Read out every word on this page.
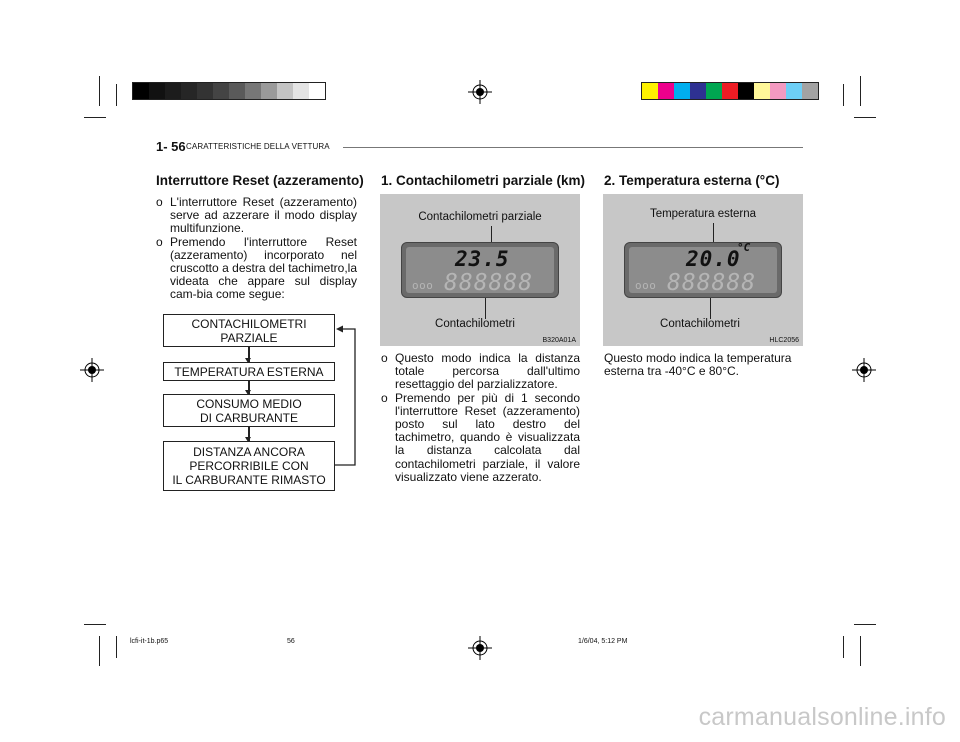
1- 56 CARATTERISTICHE DELLA VETTURA
Interruttore Reset (azzeramento)
o L'interruttore Reset (azzeramento) serve ad azzerare il modo display multifunzione.
o Premendo l'interruttore Reset (azzeramento) incorporato nel cruscotto a destra del tachimetro,la videata che appare sul display cam-bia come segue:
CONTACHILOMETRI
PARZIALE
TEMPERATURA ESTERNA
CONSUMO MEDIO
DI CARBURANTE
DISTANZA ANCORA
PERCORRIBILE CON
IL CARBURANTE RIMASTO
1. Contachilometri parziale (km)
Contachilometri parziale
23.5
ooo 888888
Contachilometri
B320A01A
o Questo modo indica la distanza totale percorsa dall'ultimo resettaggio del parzializzatore.
o Premendo per più di 1 secondo l'interruttore Reset (azzeramento) posto sul lato destro del tachimetro, quando è visualizzata la distanza calcolata dal contachilometri parziale, il valore visualizzato viene azzerato.
2. Temperatura esterna (°C)
Temperatura esterna
20.0
°C
ooo 888888
Contachilometri
HLC2056
Questo modo indica la temperatura esterna tra -40°C e 80°C.
lcfi-it-1b.p65	56	1/6/04, 5:12 PM
carmanualsonline.info
